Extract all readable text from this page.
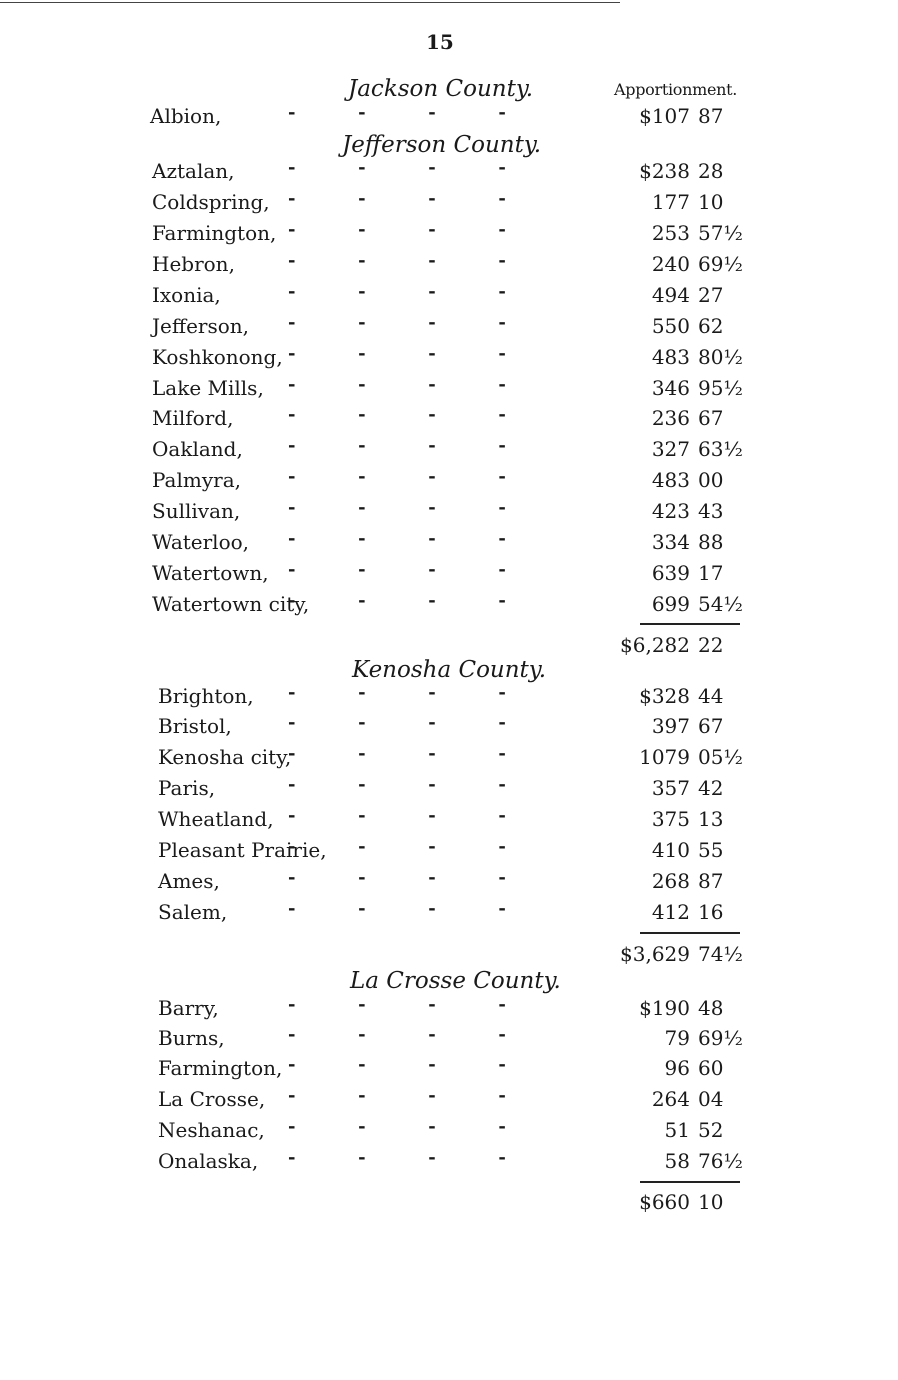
15
Apportionment.
Jackson County.
Albion,	-          -          -          -	$107 87
Jefferson County.
Aztalan,	-          -          -          -	$238 28
Coldspring, -          -          -          -	177 10
Farmington, -          -          -          -	253 57½
Hebron,	-          -          -          -	240 69½
Ixonia,	-          -          -          -	494 27
Jefferson, -          -          -          -	550 62
Koshkonong, -          -          -          -	483 80½
Lake Mills, -          -          -          -	346 95½
Milford,	-          -          -          -	236 67
Oakland,	-          -          -          -	327 63½
Palmyra,	-          -          -          -	483 00
Sullivan,	-          -          -          -	423 43
Waterloo, -          -          -          -	334 88
Watertown, -          -          -          -	639 17
Watertown city,
-          -          -          -	699 54½
$6,282 22
Kenosha County.
Brighton, -          -          -          -	$328 44
Bristol,	-          -          -          -	397 67
Kenosha city,
-          -          -          -	1079 05½
Paris,	-          -          -          -	357 42
Wheatland, -          -          -          -	375 13
Pleasant Prairie,
-          -          -          -	410 55
Ames,	-          -          -          -	268 87
Salem,	-          -          -          -	412 16
$3,629 74½
La Crosse County.
Barry,	-          -          -          -	$190 48
Burns,	-          -          -          -	79 69½
Farmington, -          -          -          -	96 60
La Crosse, -          -          -          -	264 04
Neshanac, -          -          -          -	51 52
Onalaska, -          -          -          -	58 76½
$660 10
